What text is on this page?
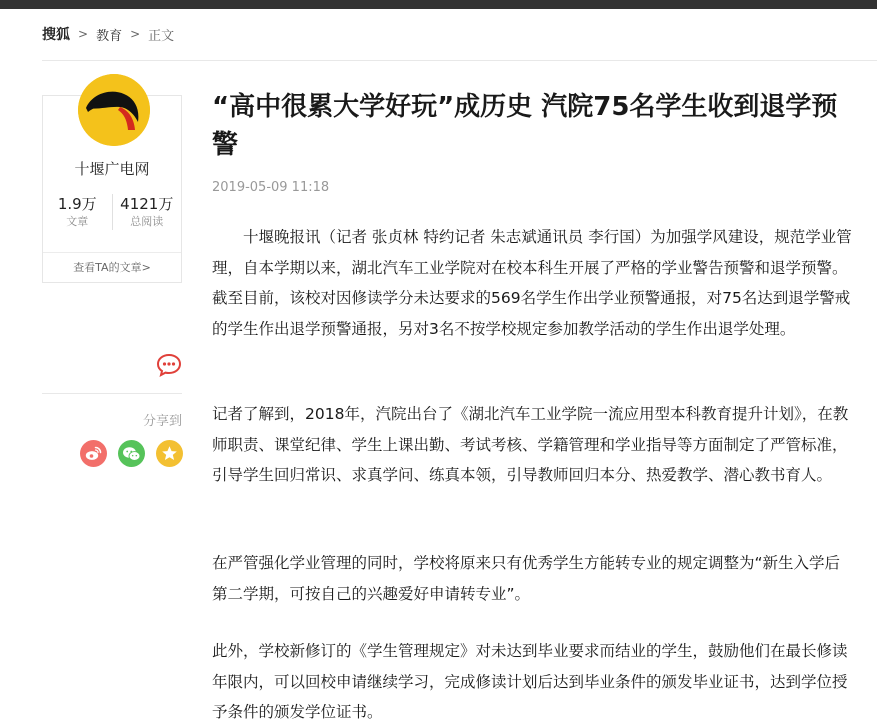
搜狐 > 教育 > 正文
十堰广电网
1.9万
文章
4121万
总阅读
查看TA的文章>
分享到
“高中很累大学好玩”成历史 汽院75名学生收到退学预警
2019-05-09 11:18

十堰晚报讯（记者 张贞林 特约记者 朱志斌通讯员 李行国）为加强学风建设，规范学业管理，自本学期以来，湖北汽车工业学院对在校本科生开展了严格的学业警告预警和退学预警。截至目前，该校对因修读学分未达要求的569名学生作出学业预警通报，对75名达到退学警戒的学生作出退学预警通报，另对3名不按学校规定参加教学活动的学生作出退学处理。

记者了解到，2018年，汽院出台了《湖北汽车工业学院一流应用型本科教育提升计划》，在教师职责、课堂纪律、学生上课出勤、考试考核、学籍管理和学业指导等方面制定了严管标准，引导学生回归常识、求真学问、练真本领，引导教师回归本分、热爱教学、潜心教书育人。

在严管强化学业管理的同时，学校将原来只有优秀学生方能转专业的规定调整为“新生入学后第二学期，可按自己的兴趣爱好申请转专业”。

此外，学校新修订的《学生管理规定》对未达到毕业要求而结业的学生，鼓励他们在最长修读年限内，可以回校申请继续学习，完成修读计划后达到毕业条件的颁发毕业证书，达到学位授予条件的颁发学位证书。
